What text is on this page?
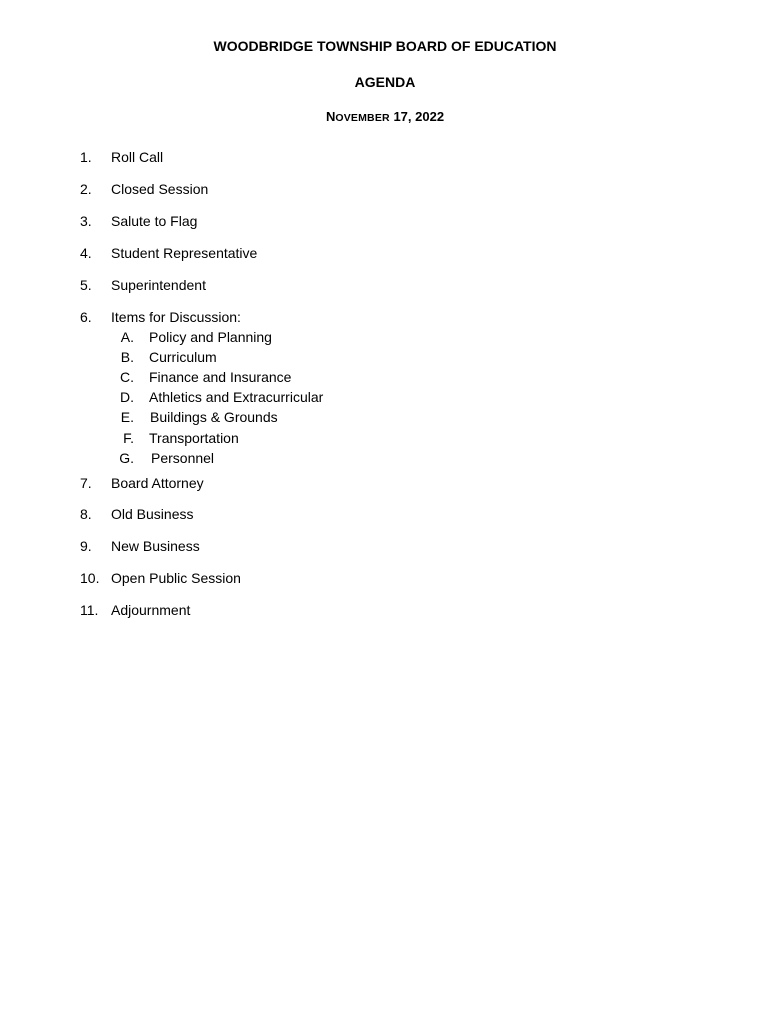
WOODBRIDGE TOWNSHIP BOARD OF EDUCATION
AGENDA
NOVEMBER 17, 2022
1. Roll Call
2. Closed Session
3. Salute to Flag
4. Student Representative
5. Superintendent
6. Items for Discussion:
A. Policy and Planning
B. Curriculum
C. Finance and Insurance
D. Athletics and Extracurricular
E. Buildings & Grounds
F. Transportation
G. Personnel
7. Board Attorney
8. Old Business
9. New Business
10. Open Public Session
11. Adjournment
